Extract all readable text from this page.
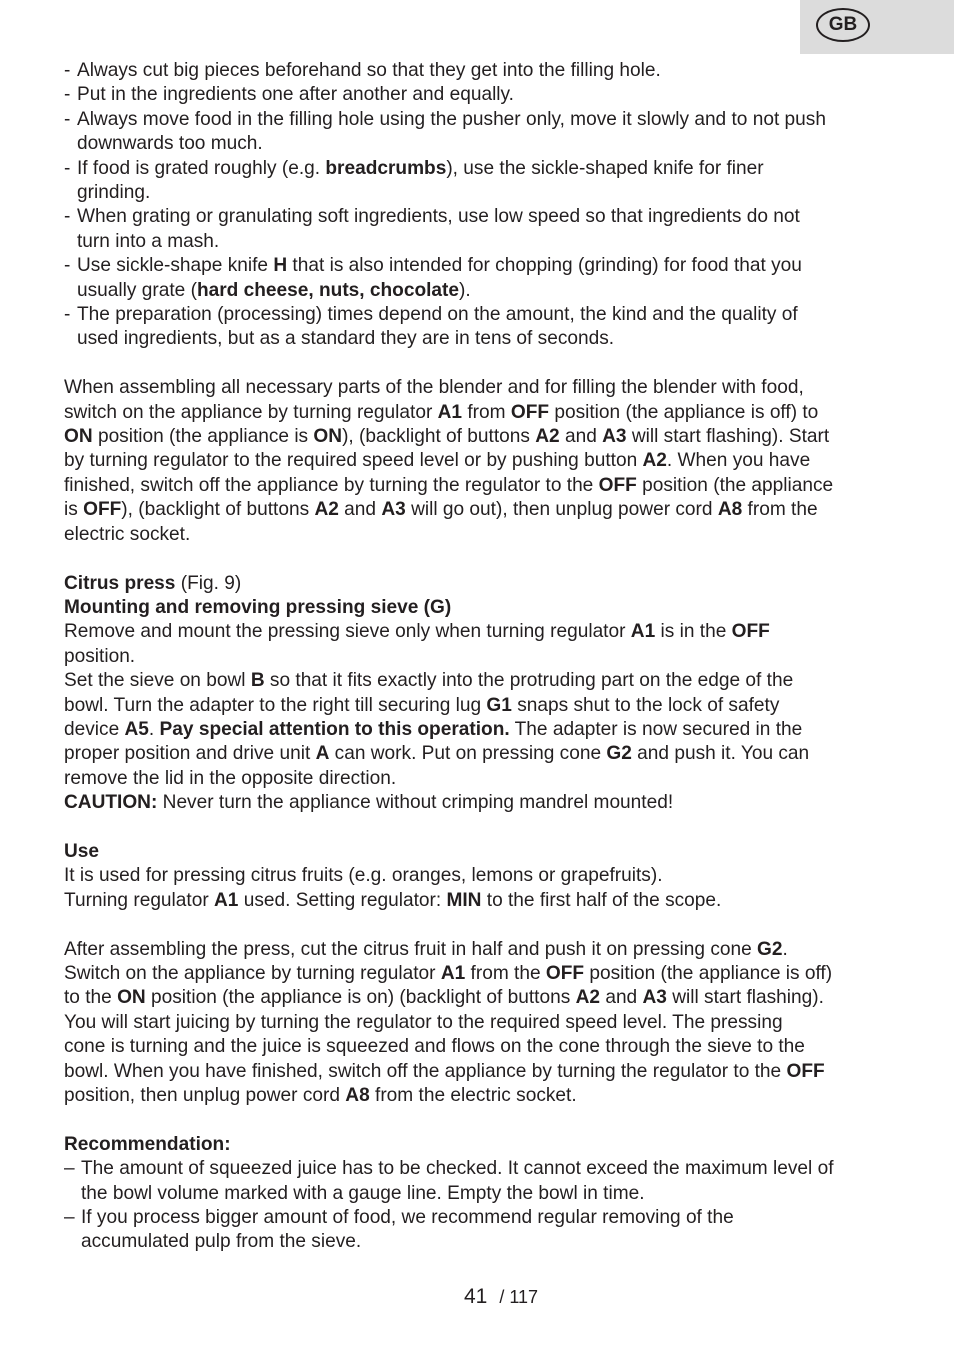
GB
- Always cut big pieces beforehand so that they get into the filling hole.
- Put in the ingredients one after another and equally.
- Always move food in the filling hole using the pusher only, move it slowly and to not push
downwards too much.
- If food is grated roughly (e.g. breadcrumbs), use the sickle-shaped knife for finer
grinding.
- When grating or granulating soft ingredients, use low speed so that ingredients do not
turn into a mash.
- Use sickle-shape knife H that is also intended for chopping (grinding) for food that you
usually grate (hard cheese, nuts, chocolate).
- The preparation (processing) times depend on the amount, the kind and the quality of
used ingredients, but as a standard they are in tens of seconds.

When assembling all necessary parts of the blender and for filling the blender with food,

switch on the appliance by turning regulator A1 from OFF position (the appliance is off) to

ON position (the appliance is ON), (backlight of buttons A2 and A3 will start flashing). Start

by turning regulator to the required speed level or by pushing button A2. When you have

finished, switch off the appliance by turning the regulator to the OFF position (the appliance

is OFF), (backlight of buttons A2 and A3 will go out), then unplug power cord A8 from the

electric socket.

Citrus press (Fig. 9)

Mounting and removing pressing sieve (G)

Remove and mount the pressing sieve only when turning regulator A1 is in the OFF

position.

Set the sieve on bowl B so that it fits exactly into the protruding part on the edge of the

bowl. Turn the adapter to the right till securing lug G1 snaps shut to the lock of safety

device A5. Pay special attention to this operation. The adapter is now secured in the

proper position and drive unit A can work. Put on pressing cone G2 and push it. You can

remove the lid in the opposite direction.

CAUTION: Never turn the appliance without crimping mandrel mounted!

Use

It is used for pressing citrus fruits (e.g. oranges, lemons or grapefruits).

Turning regulator A1 used. Setting regulator: MIN to the first half of the scope.

After assembling the press, cut the citrus fruit in half and push it on pressing cone G2.

Switch on the appliance by turning regulator A1 from the OFF position (the appliance is off)

to the ON position (the appliance is on) (backlight of buttons A2 and A3 will start flashing).

You will start juicing by turning the regulator to the required speed level. The pressing

cone is turning and the juice is squeezed and flows on the cone through the sieve to the

bowl. When you have finished, switch off the appliance by turning the regulator to the OFF

position, then unplug power cord A8 from the electric socket.

Recommendation:

– The amount of squeezed juice has to be checked. It cannot exceed the maximum level of
the bowl volume marked with a gauge line. Empty the bowl in time.
– If you process bigger amount of food, we recommend regular removing of the
accumulated pulp from the sieve.
41 / 117
